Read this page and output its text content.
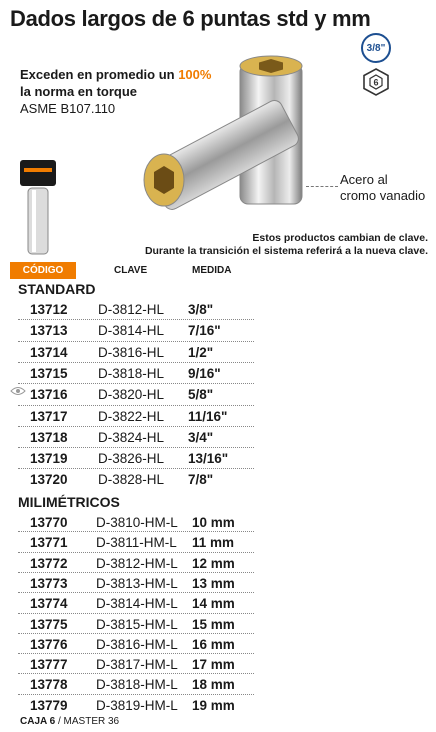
Dados largos de 6 puntas std y mm
3/8"
6
Exceden en promedio un 100%
la norma en torque
ASME B107.110
Acero al
cromo vanadio
Estos productos cambian de clave.
Durante la transición el sistema referirá a la nueva clave.
CÓDIGO	CLAVE	MEDIDA
STANDARD
13712 D-3812-HL 3/8"
13713 D-3814-HL 7/16"
13714 D-3816-HL 1/2"
13715 D-3818-HL 9/16"
13716 D-3820-HL 5/8"
13717 D-3822-HL 11/16"
13718 D-3824-HL 3/4"
13719 D-3826-HL 13/16"
13720 D-3828-HL 7/8"
MILIMÉTRICOS
13770 D-3810-HM-L 10 mm
13771 D-3811-HM-L 11 mm
13772 D-3812-HM-L 12 mm
13773 D-3813-HM-L 13 mm
13774 D-3814-HM-L 14 mm
13775 D-3815-HM-L 15 mm
13776 D-3816-HM-L 16 mm
13777 D-3817-HM-L 17 mm
13778 D-3818-HM-L 18 mm
13779 D-3819-HM-L 19 mm
CAJA 6 / MASTER 36
